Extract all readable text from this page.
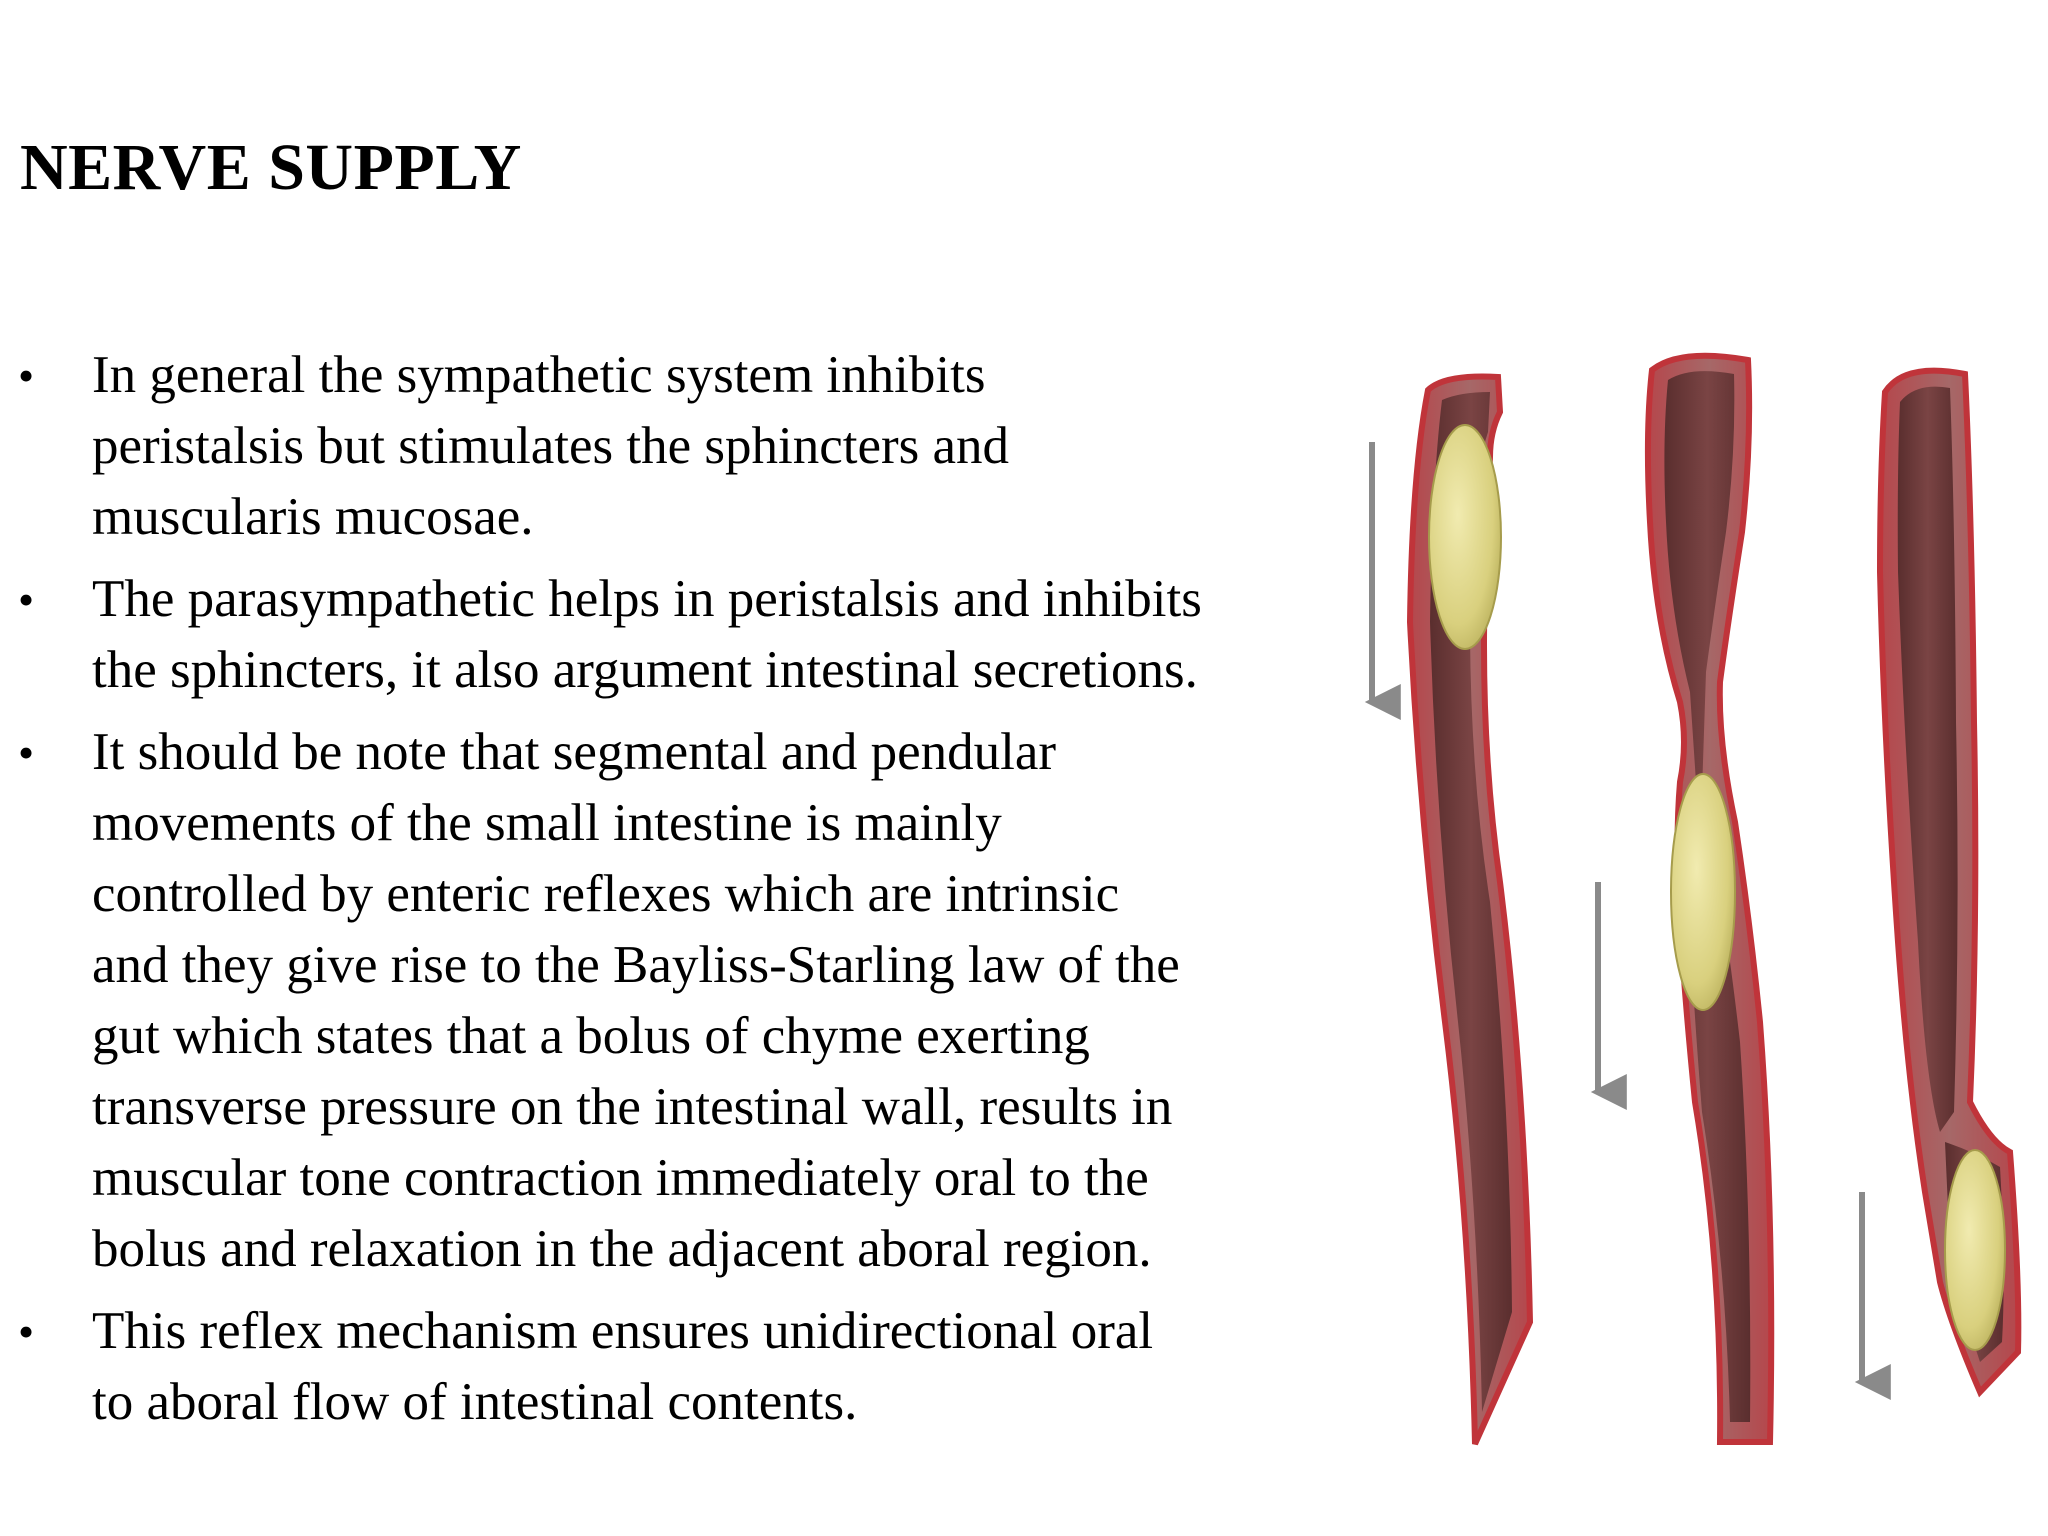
NERVE SUPPLY
• In general the sympathetic system inhibits
peristalsis but stimulates the sphincters and
muscularis mucosae.
• The parasympathetic helps in peristalsis and inhibits
the sphincters, it also argument intestinal secretions.
• It should be note that segmental and pendular
movements of the small intestine is mainly
controlled by enteric reflexes which are intrinsic
and they give rise to the Bayliss-Starling law of the
gut which states that a bolus of chyme exerting
transverse pressure on the intestinal wall, results in
muscular tone contraction immediately oral to the
bolus and relaxation in the adjacent aboral region.
• This reflex mechanism ensures unidirectional oral
to aboral flow of intestinal contents.
